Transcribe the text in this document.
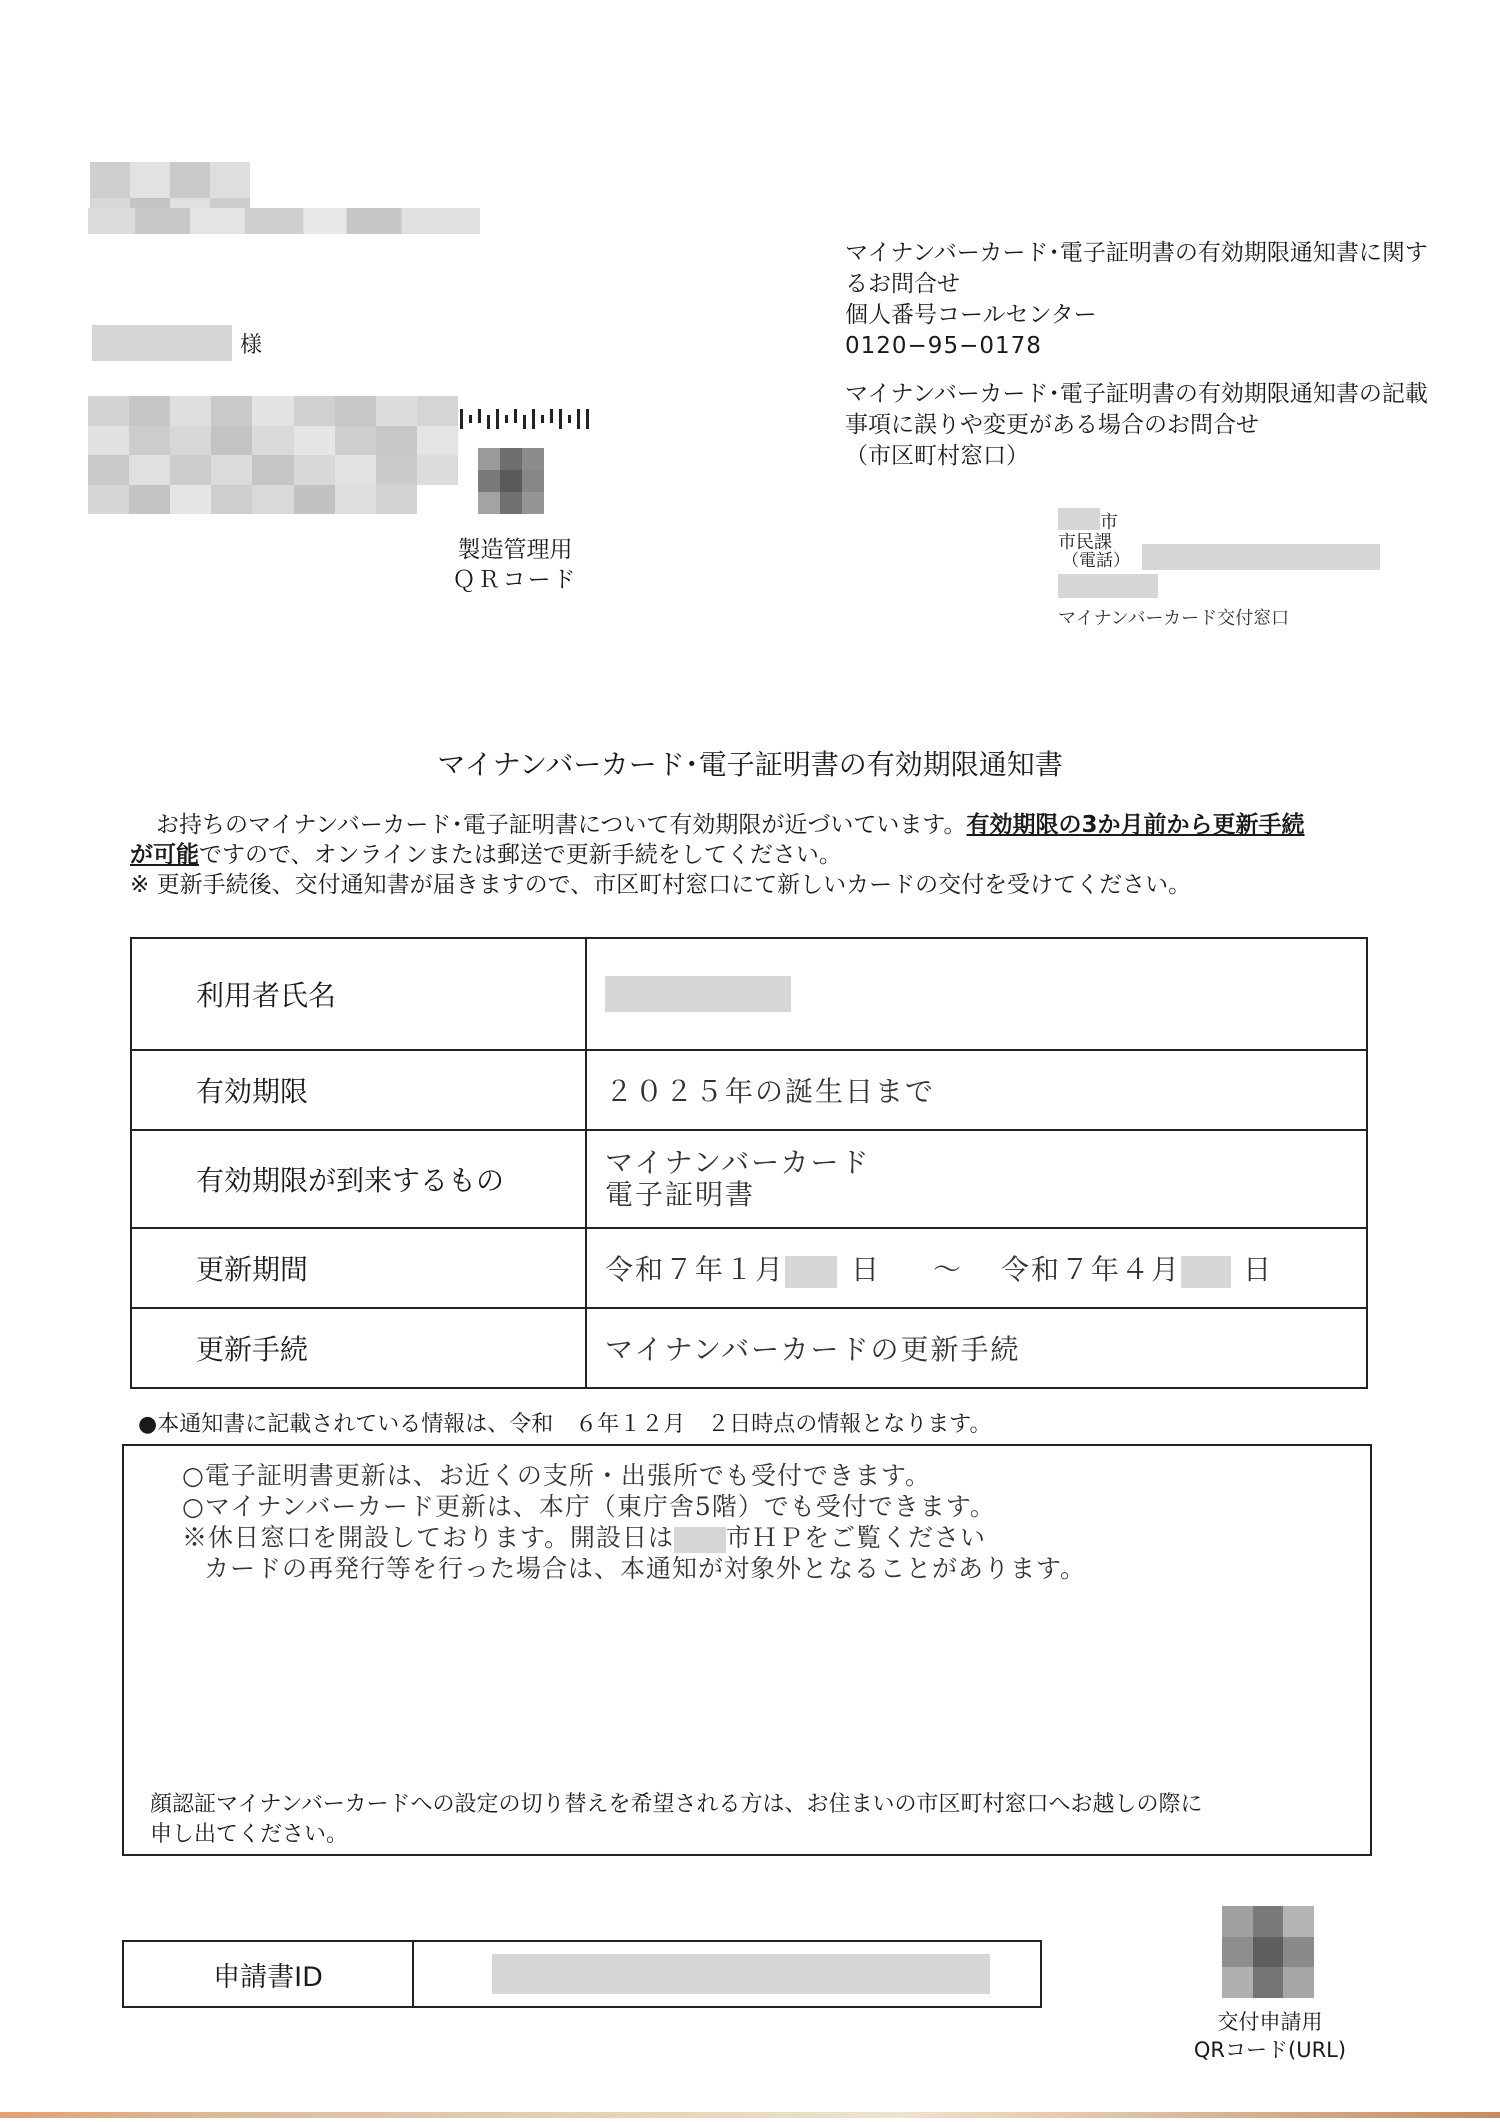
様
製造管理用
ＱＲコード
マイナンバーカード･電子証明書の有効期限通知書に関す
るお問合せ
個人番号コールセンター
0120−95−0178
マイナンバーカード･電子証明書の有効期限通知書の記載
事項に誤りや変更がある場合のお問合せ
（市区町村窓口）
市
市民課
（電話）
マイナンバーカード交付窓口
マイナンバーカード･電子証明書の有効期限通知書
お持ちのマイナンバーカード･電子証明書について有効期限が近づいています。有効期限の3か月前から更新手続
が可能ですので、オンラインまたは郵送で更新手続をしてください。
※ 更新手続後、交付通知書が届きますので、市区町村窓口にて新しいカードの交付を受けてください。
利用者氏名	
有効期限	２０２５年の誕生日まで
有効期限が到来するもの	マイナンバーカード
電子証明書

更新期間	令和７年１月 日 ～ 令和７年４月 日
更新手続	マイナンバーカードの更新手続
●本通知書に記載されている情報は、令和　６年１２月　２日時点の情報となります。
○電子証明書更新は、お近くの支所・出張所でも受付できます。
○マイナンバーカード更新は、本庁（東庁舎5階）でも受付できます。
※休日窓口を開設しております。開設日は 市ＨＰをご覧ください
カードの再発行等を行った場合は、本通知が対象外となることがあります。
顔認証マイナンバーカードへの設定の切り替えを希望される方は、お住まいの市区町村窓口へお越しの際に
申し出てください。
申請書ID
交付申請用
QRコード(URL)
